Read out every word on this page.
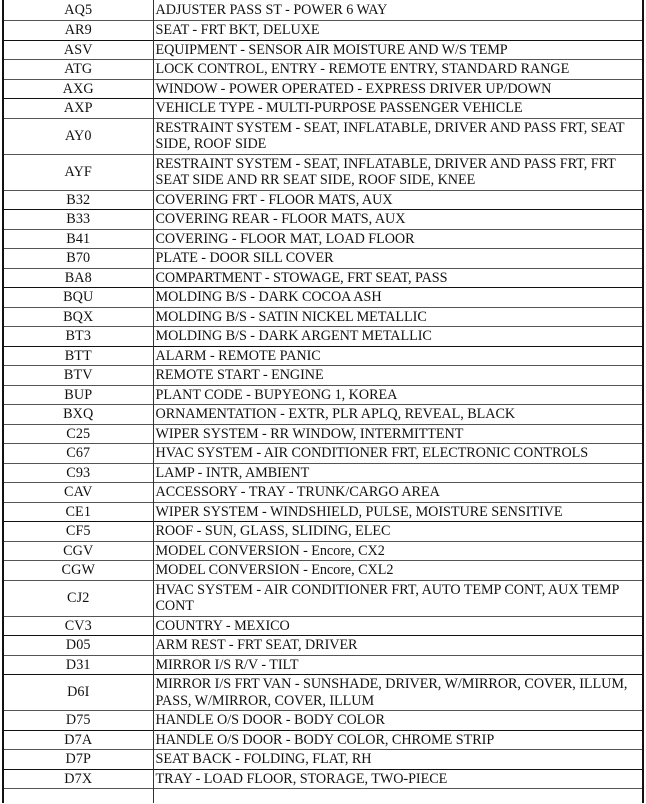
AQ5	ADJUSTER PASS ST - POWER 6 WAY
AR9	SEAT - FRT BKT, DELUXE
ASV	EQUIPMENT - SENSOR AIR MOISTURE AND W/S TEMP
ATG	LOCK CONTROL, ENTRY - REMOTE ENTRY, STANDARD RANGE
AXG	WINDOW - POWER OPERATED - EXPRESS DRIVER UP/DOWN
AXP	VEHICLE TYPE - MULTI-PURPOSE PASSENGER VEHICLE
AY0	RESTRAINT SYSTEM - SEAT, INFLATABLE, DRIVER AND PASS FRT, SEAT SIDE, ROOF SIDE
AYF	RESTRAINT SYSTEM - SEAT, INFLATABLE, DRIVER AND PASS FRT, FRT SEAT SIDE AND RR SEAT SIDE, ROOF SIDE, KNEE
B32	COVERING FRT - FLOOR MATS, AUX
B33	COVERING REAR - FLOOR MATS, AUX
B41	COVERING - FLOOR MAT, LOAD FLOOR
B70	PLATE - DOOR SILL COVER
BA8	COMPARTMENT - STOWAGE, FRT SEAT, PASS
BQU	MOLDING B/S - DARK COCOA ASH
BQX	MOLDING B/S - SATIN NICKEL METALLIC
BT3	MOLDING B/S - DARK ARGENT METALLIC
BTT	ALARM - REMOTE PANIC
BTV	REMOTE START - ENGINE
BUP	PLANT CODE - BUPYEONG 1, KOREA
BXQ	ORNAMENTATION - EXTR, PLR APLQ, REVEAL, BLACK
C25	WIPER SYSTEM - RR WINDOW, INTERMITTENT
C67	HVAC SYSTEM - AIR CONDITIONER FRT, ELECTRONIC CONTROLS
C93	LAMP - INTR, AMBIENT
CAV	ACCESSORY - TRAY - TRUNK/CARGO AREA
CE1	WIPER SYSTEM - WINDSHIELD, PULSE, MOISTURE SENSITIVE
CF5	ROOF - SUN, GLASS, SLIDING, ELEC
CGV	MODEL CONVERSION - Encore, CX2
CGW	MODEL CONVERSION - Encore, CXL2
CJ2	HVAC SYSTEM - AIR CONDITIONER FRT, AUTO TEMP CONT, AUX TEMP CONT
CV3	COUNTRY - MEXICO
D05	ARM REST - FRT SEAT, DRIVER
D31	MIRROR I/S R/V - TILT
D6I	MIRROR I/S FRT VAN - SUNSHADE, DRIVER, W/MIRROR, COVER, ILLUM, PASS, W/MIRROR, COVER, ILLUM
D75	HANDLE O/S DOOR - BODY COLOR
D7A	HANDLE O/S DOOR - BODY COLOR, CHROME STRIP
D7P	SEAT BACK - FOLDING, FLAT, RH
D7X	TRAY - LOAD FLOOR, STORAGE, TWO-PIECE
